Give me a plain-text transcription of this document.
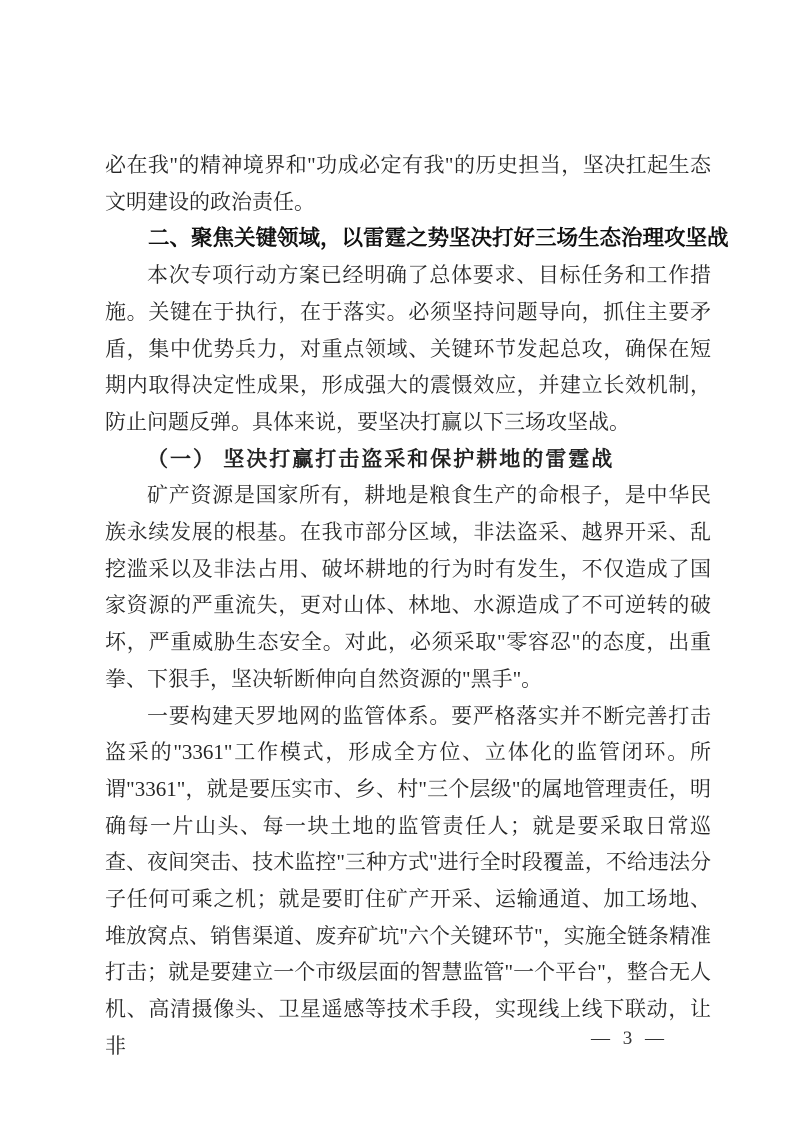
必在我"的精神境界和"功成必定有我"的历史担当，坚决扛起生态文明建设的政治责任。

二、聚焦关键领域，以雷霆之势坚决打好三场生态治理攻坚战

本次专项行动方案已经明确了总体要求、目标任务和工作措施。关键在于执行，在于落实。必须坚持问题导向，抓住主要矛盾，集中优势兵力，对重点领域、关键环节发起总攻，确保在短期内取得决定性成果，形成强大的震慑效应，并建立长效机制，防止问题反弹。具体来说，要坚决打赢以下三场攻坚战。

（一） 坚决打赢打击盗采和保护耕地的雷霆战

矿产资源是国家所有，耕地是粮食生产的命根子，是中华民族永续发展的根基。在我市部分区域，非法盗采、越界开采、乱挖滥采以及非法占用、破坏耕地的行为时有发生，不仅造成了国家资源的严重流失，更对山体、林地、水源造成了不可逆转的破坏，严重威胁生态安全。对此，必须采取"零容忍"的态度，出重拳、下狠手，坚决斩断伸向自然资源的"黑手"。

一要构建天罗地网的监管体系。要严格落实并不断完善打击盗采的"3361"工作模式，形成全方位、立体化的监管闭环。所谓"3361"，就是要压实市、乡、村"三个层级"的属地管理责任，明确每一片山头、每一块土地的监管责任人；就是要采取日常巡查、夜间突击、技术监控"三种方式"进行全时段覆盖，不给违法分子任何可乘之机；就是要盯住矿产开采、运输通道、加工场地、堆放窝点、销售渠道、废弃矿坑"六个关键环节"，实施全链条精准打击；就是要建立一个市级层面的智慧监管"一个平台"，整合无人机、高清摄像头、卫星遥感等技术手段，实现线上线下联动，让非	— 3 —
